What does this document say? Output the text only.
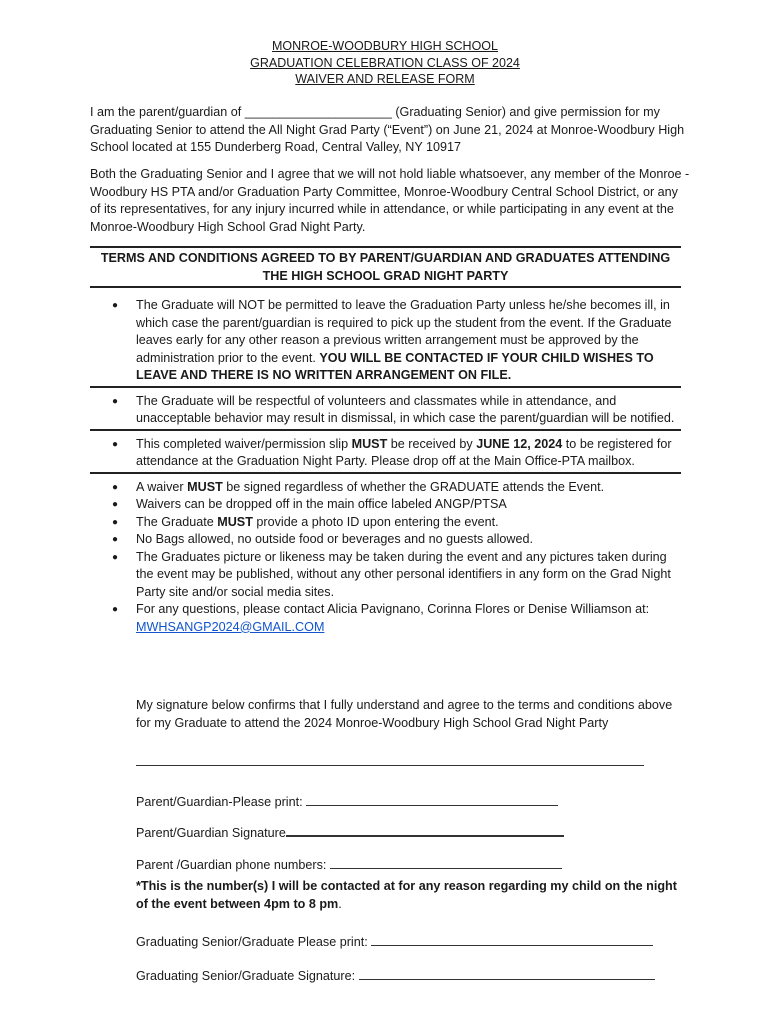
MONROE-WOODBURY HIGH SCHOOL
GRADUATION CELEBRATION CLASS OF 2024
WAIVER AND RELEASE FORM
I am the parent/guardian of _____________________ (Graduating Senior) and give permission for my Graduating Senior to attend the All Night Grad Party (“Event”) on June 21, 2024 at Monroe-Woodbury High School located at 155 Dunderberg Road, Central Valley, NY 10917
Both the Graduating Senior and I agree that we will not hold liable whatsoever, any member of the Monroe -Woodbury HS PTA and/or Graduation Party Committee, Monroe-Woodbury Central School District, or any of its representatives, for any injury incurred while in attendance, or while participating in any event at the Monroe-Woodbury High School Grad Night Party.
TERMS AND CONDITIONS AGREED TO BY PARENT/GUARDIAN AND GRADUATES ATTENDING THE HIGH SCHOOL GRAD NIGHT PARTY
● The Graduate will NOT be permitted to leave the Graduation Party unless he/she becomes ill, in which case the parent/guardian is required to pick up the student from the event. If the Graduate leaves early for any other reason a previous written arrangement must be approved by the administration prior to the event. YOU WILL BE CONTACTED IF YOUR CHILD WISHES TO LEAVE AND THERE IS NO WRITTEN ARRANGEMENT ON FILE.
● The Graduate will be respectful of volunteers and classmates while in attendance, and unacceptable behavior may result in dismissal, in which case the parent/guardian will be notified.
● This completed waiver/permission slip MUST be received by JUNE 12, 2024 to be registered for attendance at the Graduation Night Party. Please drop off at the Main Office-PTA mailbox.
● A waiver MUST be signed regardless of whether the GRADUATE attends the Event.
● Waivers can be dropped off in the main office labeled ANGP/PTSA
● The Graduate MUST provide a photo ID upon entering the event.
● No Bags allowed, no outside food or beverages and no guests allowed.
● The Graduates picture or likeness may be taken during the event and any pictures taken during the event may be published, without any other personal identifiers in any form on the Grad Night Party site and/or social media sites.
● For any questions, please contact Alicia Pavignano, Corinna Flores or Denise Williamson at: MWHSANGP2024@GMAIL.COM
My signature below confirms that I fully understand and agree to the terms and conditions above for my Graduate to attend the 2024 Monroe-Woodbury High School Grad Night Party
Parent/Guardian-Please print:
Parent/Guardian Signature
Parent /Guardian phone numbers:
*This is the number(s) I will be contacted at for any reason regarding my child on the night of the event between 4pm to 8 pm.
Graduating Senior/Graduate Please print:
Graduating Senior/Graduate Signature:
